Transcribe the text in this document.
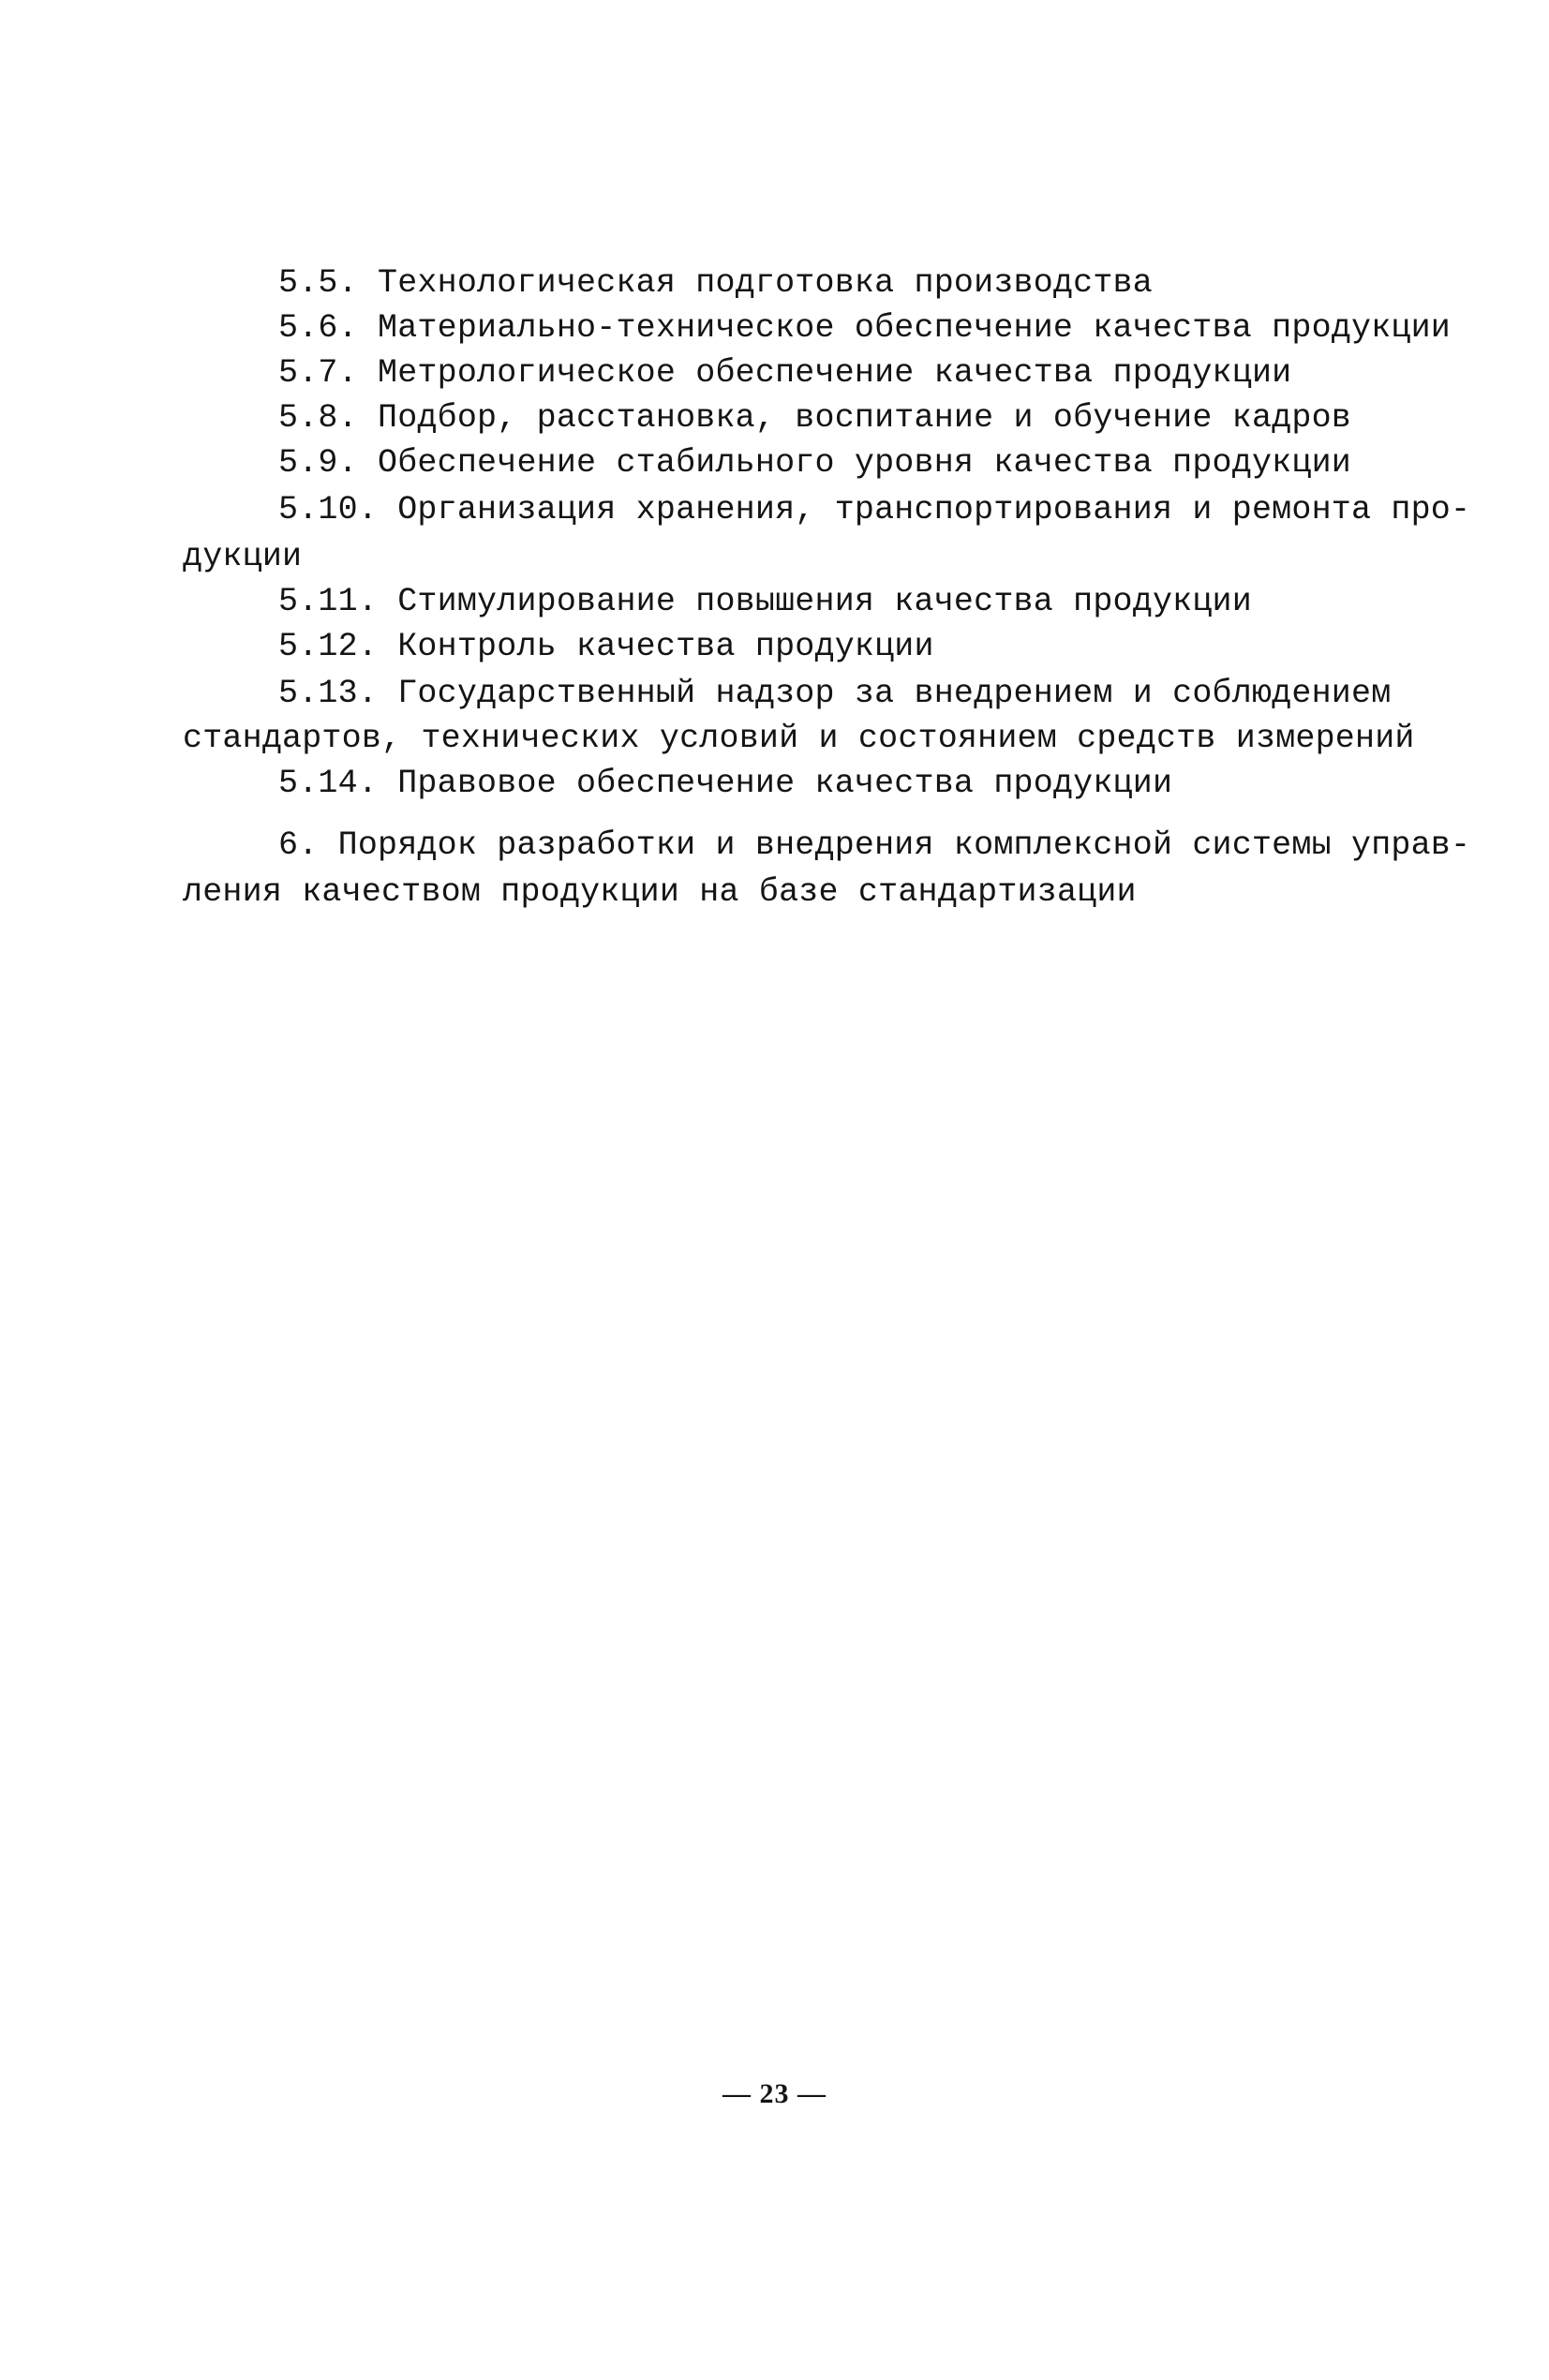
5.5. Технологическая подготовка производства
5.6. Материально-техническое обеспечение качества продукции
5.7. Метрологическое обеспечение качества продукции
5.8. Подбор, расстановка, воспитание и обучение кадров
5.9. Обеспечение стабильного уровня качества продукции
5.10. Организация хранения, транспортирования и ремонта про-
дукции
5.11. Стимулирование повышения качества продукции
5.12. Контроль качества продукции
5.13. Государственный надзор за внедрением и соблюдением
стандартов, технических условий и состоянием средств измерений
5.14. Правовое обеспечение качества продукции
6. Порядок разработки и внедрения комплексной системы управ-
ления качеством продукции на базе стандартизации
— 23 —
